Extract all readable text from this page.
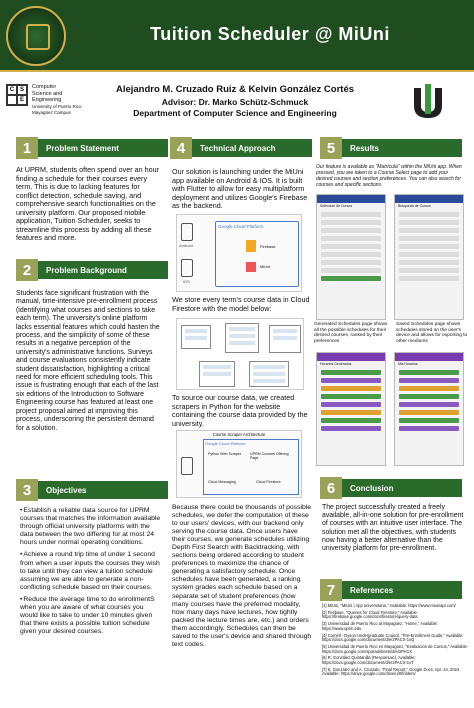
Tuition Scheduler @ MiUni
C S
E
Computer
Science and
Engineering
University of Puerto Rico
Mayagüez Campus
Alejandro M. Cruzado Ruiz & Kelvin González Cortés
Advisor: Dr. Marko Schütz-Schmuck
Department of Computer Science and Engineering
1	Problem Statement
At UPRM, students often spend over an hour finding a schedule for their courses every term. This is due to lacking features for conflict detection, schedule saving, and comprehensive search functionalities on the university platform. Our proposed mobile application, Tuition Scheduler, seeks to streamline this process by adding all these features and more.
2	Problem Background
Students face significant frustration with the manual, time-intensive pre-enrollment process (identifying what courses and sections to take each term). The university's online platform lacks essential features which could hasten the process, and the simplicity of some of these results in a negative perception of the university's administrative functions. Surveys and course evaluations consistently indicate student dissatisfaction, highlighting a critical need for more efficient scheduling tools. This issue is frustrating enough that each of the last six editions of the Introduction to Software Engineering course has featured at least one project proposal aimed at improving this process, underscoring the persistent demand for a solution.
3	Objectives
• Establish a reliable data source for UPRM courses that matches the information available through official university platforms with the data between the two differing for at most 24 hours under normal operating conditions.
• Achieve a round trip time of under 1 second from when a user inputs the courses they wish to take until they can view a tuition schedule assuming we are able to generate a non-conflicting schedule based on their courses.
• Reduce the average time to do enrollmentS when you are aware of what courses you would like to take to under 10 minutes given that there exists a possible tuition schedule given your desired courses.
4	Technical Approach
Our solution is launching under the MiUni app available on Android & IOS. It is built with Flutter to allow for easy multiplatform deployment and utilizes Google's Firebase as the backend.
Android
iOS
Google Cloud Platform
Firebase
MiUni
We store every term's course data in Cloud Firestore with the model below:
To source our course data, we created scrapers in Python for the website containing the course data provided by the university.
Course Scraper Architecture
Google Cloud Platform
Python Web Scraper UPRM Courses Offering Page
Cloud Messaging	Cloud Firestore
Because there could be thousands of possible schedules, we defer the computation of these to our users' devices, with our backend only serving the course data. Once users have their courses, we generate schedules utilizing Depth First Search with Backtracking, with sections being ordered according to student preferences to maximize the chance of generating a satisfactory schedule. Once schedules have been generated, a ranking system grades each schedule based on a separate set of student preferences (how many courses have the preferred modality, how many days have lectures, how tightly packed the lecture times are, etc.) and orders them accordingly. Schedules can then be saved to the user's device and shared through text codes.
5	Results
Our feature is available as "Matrícula" within the MiUni app. When pressed, you are taken to a Course Select page to add your desired courses and section preferences. You can also search for courses and specific sections.
Selección de Cursos	Búsqueda de Cursos
Generated Schedules page shows all the possible schedules for their desired courses, ranked by their preferences
Saved Schedules page shows schedules stored on the user's device and allows for exporting to other mediums
Horarios Generados	Mis Horarios
6	Conclusion
The project successfully created a freely available, all-in-one solution for pre-enrollment of courses with an intuitive user interface. The solution met all the objectives, with students now having a better alternative than the university platform for pre-enrollment.
7	References
[1] MiUni, "MiUni | App universitaria," Available: https://www.miuniapr.com/
[2] Firebase, "Queries for Cloud Firestore," Available: https://firebase.google.com/docs/firestore/query-data
[3] Universidad de Puerto Rico at Mayagüez, "Home," Available: https://www.uprm.edu
[4] Cornell - Dyson Undergraduate Council, "Pre-Enrollment Guide," Available: https://docs.google.com/document/d/e/2PACX-1vQ
[5] Universidad de Puerto Rico en Mayagüez, "Evaluación de Cursos," Available: https://docs.google.com/spreadsheets/d/e/2PACX
[6] R. González Quintanilla (Responsaic), Available: https://docs.google.com/document/d/e/2PACX-1vT
[7] K. González and A. Cruzado, "Final Report," Google Docs, Apr. 24, 2024. Available: https://drive.google.com/drive/u/0/folders/
